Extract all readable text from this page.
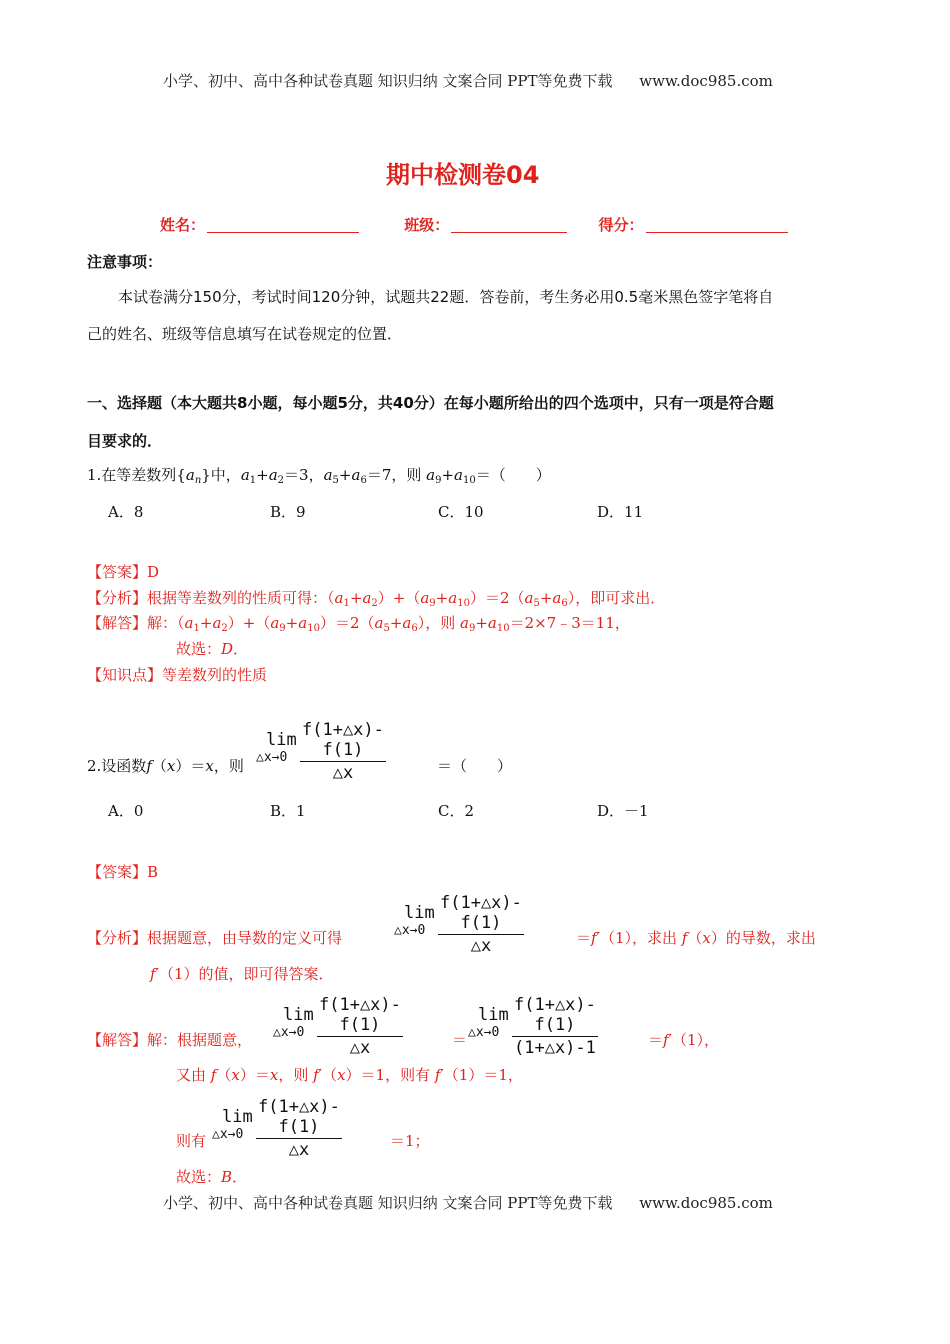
小学、初中、高中各种试卷真题 知识归纳 文案合同 PPT等免费下载 www.doc985.com
期中检测卷04
姓名：	班级：	得分：
注意事项：
本试卷满分150分，考试时间120分钟，试题共22题．答卷前，考生务必用0.5毫米黑色签字笔将自
己的姓名、班级等信息填写在试卷规定的位置．
一、选择题（本大题共8小题，每小题5分，共40分）在每小题所给出的四个选项中，只有一项是符合题
目要求的．
1.在等差数列$\{a_n\}$中，$a_1+a_2=3$，$a_5+a_6=7$，则 $a_9+a_{10}=$（　　）
A．8	B．9	C．10	D．11
【答案】D
【分析】根据等差数列的性质可得：$(a_1+a_2)+(a_9+a_{10})=2(a_5+a_6)$，即可求出．
【解答】解：$(a_1+a_2)+(a_9+a_{10})=2(a_5+a_6)$，则 $a_9+a_{10}=2\times 7﹣3=11$，
故选：D．
【知识点】等差数列的性质
2.设函数f（x）＝x，则
lim
△x→0
f(1+△x)-f(1)
△x	＝（　　）
A．0	B．1	C．2	D．－1
【答案】B
【分析】根据题意，由导数的定义可得
lim
△x→0
f(1+△x)-f(1)
△x	＝f′（1），求出 f（x）的导数，求出
f′（1）的值，即可得答案．
【解答】解：根据题意，
lim
△x→0
f(1+△x)-f(1)
△x	＝
lim
△x→0
f(1+△x)-f(1)
(1+△x)-1	＝f′（1），
又由 f（x）＝x，则 f′（x）＝1，则有 f′（1）＝1，
则有
lim
△x→0
f(1+△x)-f(1)
△x	＝1；
故选：B．
小学、初中、高中各种试卷真题 知识归纳 文案合同 PPT等免费下载 www.doc985.com
